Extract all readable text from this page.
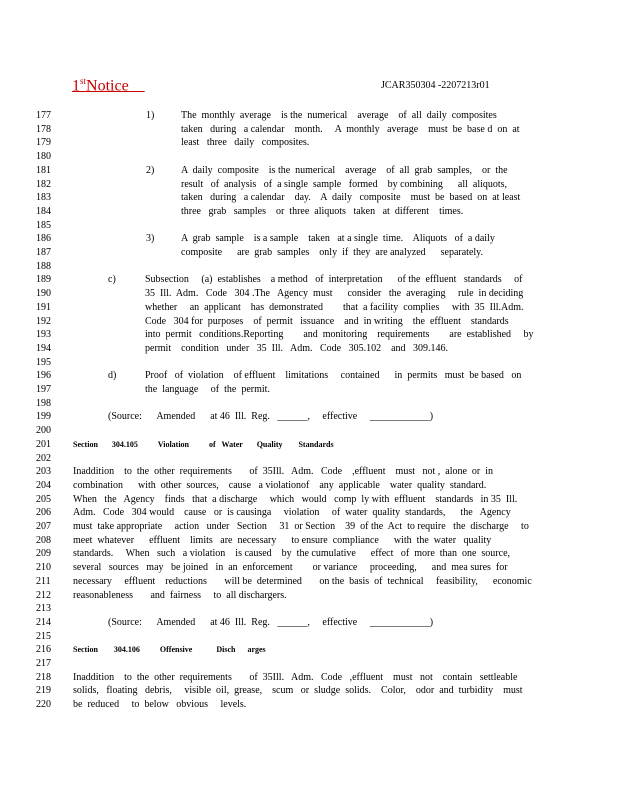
1stNotice	JCAR350304 -2207213r01
177
178
179
180
181
182
183
184
185
186
187
188
189
190
191
192
193
194
195
196
197
198
199
200
201
202
203
204
205
206
207
208
209
210
211
212
213
214
215
216
217
218
219
220
1)	The  monthly  average    is the  numerical    average    of  all  daily  composites
taken   during   a calendar    month.     A  monthly   average    must  be  base d  on  at
least   three   daily   composites.
2)	A  daily  composite    is the  numerical    average    of  all  grab  samples,    or  the
result   of  analysis   of  a single  sample   formed    by combining      all  aliquots,
taken   during   a calendar    day.    A  daily   composite    must  be  based  on  at least
three   grab   samples    or  three  aliquots   taken   at  different    times.
3)	A  grab  sample    is a sample    taken   at a single  time.    Aliquots   of  a daily
composite      are  grab  samples    only  if  they  are analyzed      separately.
c)	Subsection     (a)  establishes    a method   of  interpretation      of the  effluent   standards     of
35  Ill.  Adm.   Code   304 .The   Agency  must      consider   the  averaging     rule  in deciding
whether     an  applicant    has  demonstrated        that  a facility  complies     with  35  Ill.Adm.
Code   304 for  purposes    of  permit   issuance    and  in writing    the  effluent    standards
into  permit   conditions.Reporting        and  monitoring    requirements        are  established     by
permit    condition   under   35  Ill.   Adm.   Code   305.102    and   309.146.
d)	Proof   of  violation    of effluent    limitations     contained      in  permits   must  be based   on
the  language     of  the  permit.
(Source:      Amended      at 46  Ill.  Reg.   ______,     effective     ____________)
Section       304.105          Violation          of   Water       Quality        Standards
Inaddition    to  the  other  requirements       of  35Ill.   Adm.   Code    ,effluent    must   not ,  alone  or  in
combination      with  other  sources,    cause   a violationof    any  applicable    water  quality  standard.
When   the   Agency    finds   that  a discharge     which   would   comp  ly with  effluent    standards   in 35  Ill.
Adm.   Code   304 would    cause   or  is causinga     violation     of  water  quality  standards,      the   Agency
must  take appropriate     action   under   Section     31  or Section    39  of the  Act  to require   the  discharge     to
meet  whatever      effluent    limits   are  necessary      to ensure  compliance      with  the  water   quality
standards.     When   such   a violation    is caused    by  the cumulative      effect   of  more  than  one  source,
several   sources   may   be joined   in  an  enforcement        or variance     proceeding,      and  mea sures  for
necessary     effluent    reductions       will be  determined       on the  basis  of  technical     feasibility,      economic
reasonableness       and  fairness     to  all dischargers.
(Source:      Amended      at 46  Ill.  Reg.   ______,     effective     ____________)
Section        304.106          Offensive            Disch      arges
Inaddition    to  the  other  requirements       of  35Ill.   Adm.   Code   ,effluent    must   not    contain   settleable
solids,   floating   debris,     visible  oil,  grease,    scum   or  sludge  solids.    Color,    odor  and  turbidity    must
be  reduced     to  below   obvious     levels.
